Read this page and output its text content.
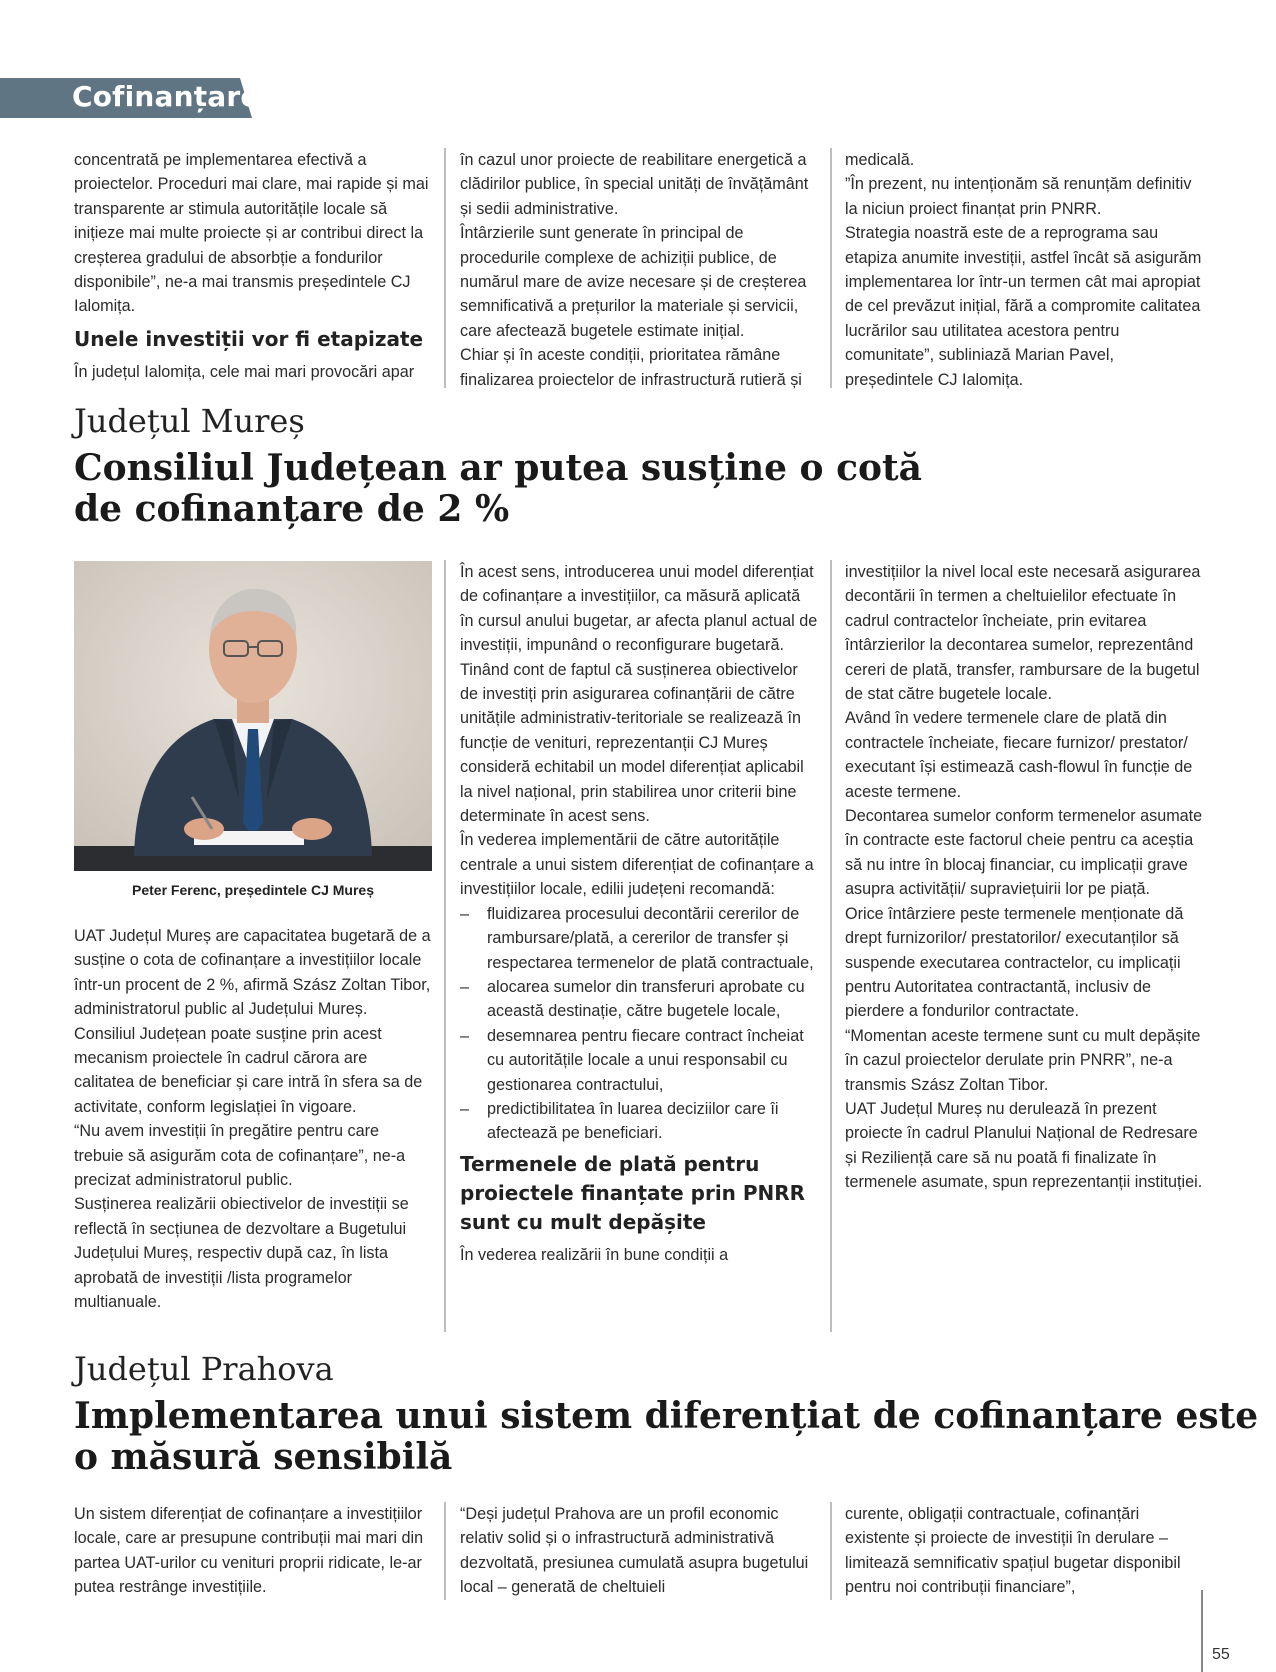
Cofinanțare

concentrată pe implementarea efectivă a proiectelor. Proceduri mai clare, mai rapide și mai transparente ar stimula autoritățile locale să inițieze mai multe proiecte și ar contribui direct la creșterea gradului de absorbție a fondurilor disponibile”, ne-a mai transmis președintele CJ Ialomița.

Unele investiții vor fi etapizate

În județul Ialomița, cele mai mari provocări apar

în cazul unor proiecte de reabilitare energetică a clădirilor publice, în special unități de învățământ și sedii administrative.

Întârzierile sunt generate în principal de procedurile complexe de achiziții publice, de numărul mare de avize necesare și de creșterea semnificativă a prețurilor la materiale și servicii, care afectează bugetele estimate inițial.

Chiar și în aceste condiții, prioritatea rămâne finalizarea proiectelor de infrastructură rutieră și

medicală.

”În prezent, nu intenționăm să renunțăm definitiv la niciun proiect finanțat prin PNRR.

Strategia noastră este de a reprograma sau etapiza anumite investiții, astfel încât să asigurăm implementarea lor într-un termen cât mai apropiat de cel prevăzut inițial, fără a compromite calitatea lucrărilor sau utilitatea acestora pentru comunitate”, subliniază Marian Pavel, președintele CJ Ialomița.

Județul Mureș
Consiliul Județean ar putea susține o cotă
de cofinanțare de 2 %
Peter Ferenc, președintele CJ Mureș

UAT Județul Mureș are capacitatea bugetară de a susține o cota de cofinanțare a investițiilor locale într-un procent de 2 %, afirmă Szász Zoltan Tibor, administratorul public al Județului Mureș.

Consiliul Județean poate susține prin acest mecanism proiectele în cadrul cărora are calitatea de beneficiar și care intră în sfera sa de activitate, conform legislației în vigoare.

“Nu avem investiții în pregătire pentru care trebuie să asigurăm cota de cofinanțare”, ne-a precizat administratorul public.

Susținerea realizării obiectivelor de investiții se reflectă în secțiunea de dezvoltare a Bugetului Județului Mureș, respectiv după caz, în lista aprobată de investiții /lista programelor multianuale.

În acest sens, introducerea unui model diferențiat de cofinanțare a investițiilor, ca măsură aplicată în cursul anului bugetar, ar afecta planul actual de investiții, impunând o reconfigurare bugetară.

Tinând cont de faptul că susținerea obiectivelor de investiți prin asigurarea cofinanțării de către unitățile administrativ-teritoriale se realizează în funcție de venituri, reprezentanții CJ Mureș consideră echitabil un model diferențiat aplicabil la nivel național, prin stabilirea unor criterii bine determinate în acest sens.

În vederea implementării de către autoritățile centrale a unui sistem diferențiat de cofinanțare a investițiilor locale, edilii județeni recomandă:

– fluidizarea procesului decontării cererilor de rambursare/plată, a cererilor de transfer și respectarea termenelor de plată contractuale,
– alocarea sumelor din transferuri aprobate cu această destinație, către bugetele locale,
– desemnarea pentru fiecare contract încheiat cu autoritățile locale a unui responsabil cu gestionarea contractului,
– predictibilitatea în luarea deciziilor care îi afectează pe beneficiari.
Termenele de plată pentru proiectele finanțate prin PNRR sunt cu mult depășite

În vederea realizării în bune condiții a

investițiilor la nivel local este necesară asigurarea decontării în termen a cheltuielilor efectuate în cadrul contractelor încheiate, prin evitarea întârzierilor la decontarea sumelor, reprezentând cereri de plată, transfer, rambursare de la bugetul de stat către bugetele locale.

Având în vedere termenele clare de plată din contractele încheiate, fiecare furnizor/ prestator/ executant își estimează cash-flowul în funcție de aceste termene.

Decontarea sumelor conform termenelor asumate în contracte este factorul cheie pentru ca aceștia să nu intre în blocaj financiar, cu implicații grave asupra activității/ supraviețuirii lor pe piață.

Orice întârziere peste termenele menționate dă drept furnizorilor/ prestatorilor/ executanților să suspende executarea contractelor, cu implicații pentru Autoritatea contractantă, inclusiv de pierdere a fondurilor contractate.

“Momentan aceste termene sunt cu mult depășite în cazul proiectelor derulate prin PNRR”, ne-a transmis Szász Zoltan Tibor.

UAT Județul Mureș nu derulează în prezent proiecte în cadrul Planului Național de Redresare și Reziliență care să nu poată fi finalizate în termenele asumate, spun reprezentanții instituției.

Județul Prahova
Implementarea unui sistem diferențiat de cofinanțare este
o măsură sensibilă

Un sistem diferențiat de cofinanțare a investițiilor locale, care ar presupune contribuții mai mari din partea UAT-urilor cu venituri proprii ridicate, le-ar putea restrânge investițiile.

“Deși județul Prahova are un profil economic relativ solid și o infrastructură administrativă dezvoltată, presiunea cumulată asupra bugetului local – generată de cheltuieli

curente, obligații contractuale, cofinanțări existente și proiecte de investiții în derulare – limitează semnificativ spațiul bugetar disponibil pentru noi contribuții financiare”,

55
